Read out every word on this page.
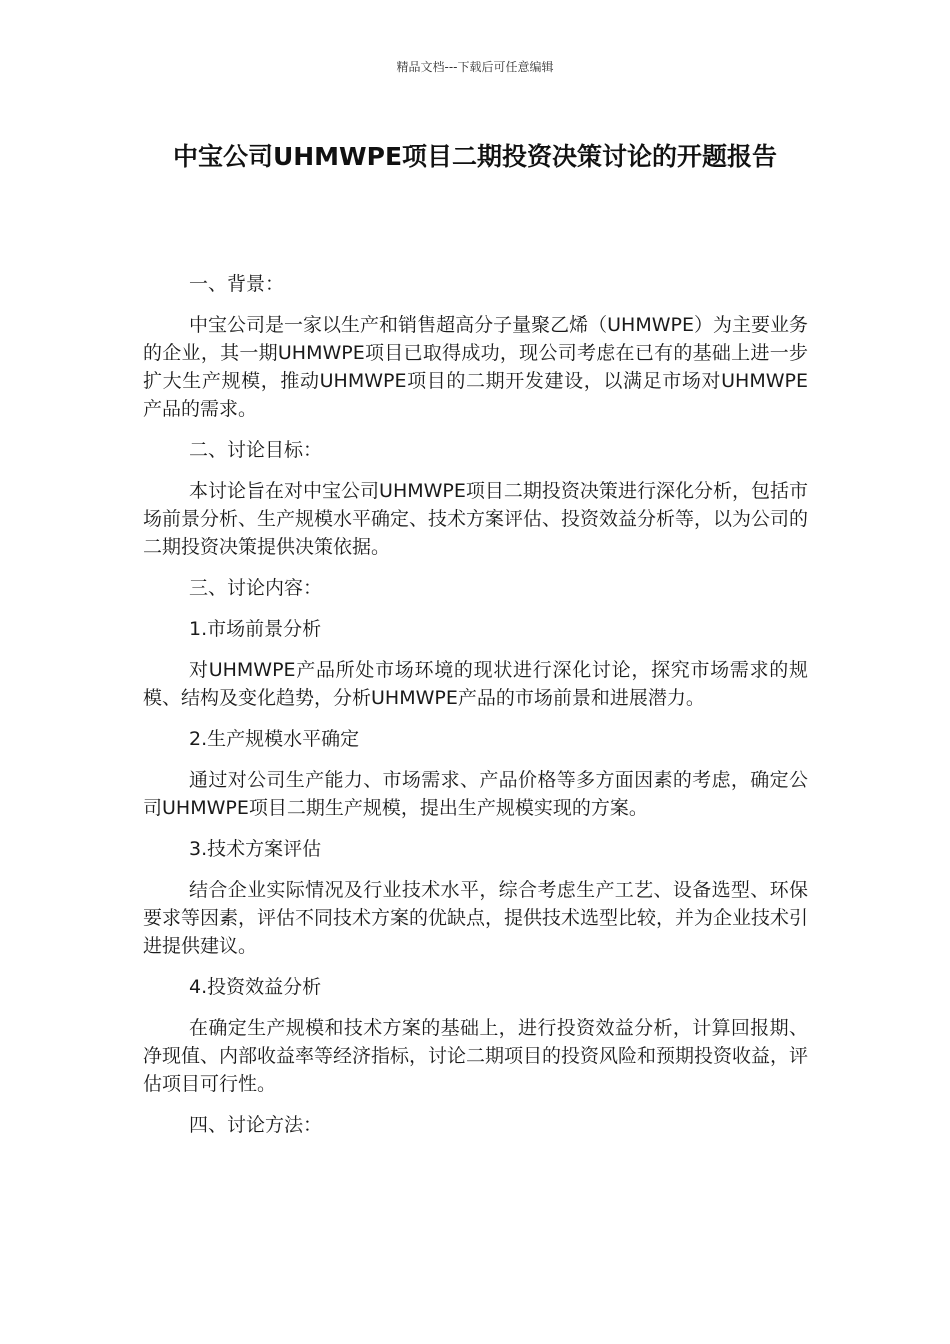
精品文档---下载后可任意编辑
中宝公司UHMWPE项目二期投资决策讨论的开题报告

一、背景：

中宝公司是一家以生产和销售超高分子量聚乙烯（UHMWPE）为主要业务的企业，其一期UHMWPE项目已取得成功，现公司考虑在已有的基础上进一步扩大生产规模，推动UHMWPE项目的二期开发建设，以满足市场对UHMWPE产品的需求。

二、讨论目标：

本讨论旨在对中宝公司UHMWPE项目二期投资决策进行深化分析，包括市场前景分析、生产规模水平确定、技术方案评估、投资效益分析等，以为公司的二期投资决策提供决策依据。

三、讨论内容：

1.市场前景分析

对UHMWPE产品所处市场环境的现状进行深化讨论，探究市场需求的规模、结构及变化趋势，分析UHMWPE产品的市场前景和进展潜力。

2.生产规模水平确定

通过对公司生产能力、市场需求、产品价格等多方面因素的考虑，确定公司UHMWPE项目二期生产规模，提出生产规模实现的方案。

3.技术方案评估

结合企业实际情况及行业技术水平，综合考虑生产工艺、设备选型、环保要求等因素，评估不同技术方案的优缺点，提供技术选型比较，并为企业技术引进提供建议。

4.投资效益分析

在确定生产规模和技术方案的基础上，进行投资效益分析，计算回报期、净现值、内部收益率等经济指标，讨论二期项目的投资风险和预期投资收益，评估项目可行性。

四、讨论方法：
